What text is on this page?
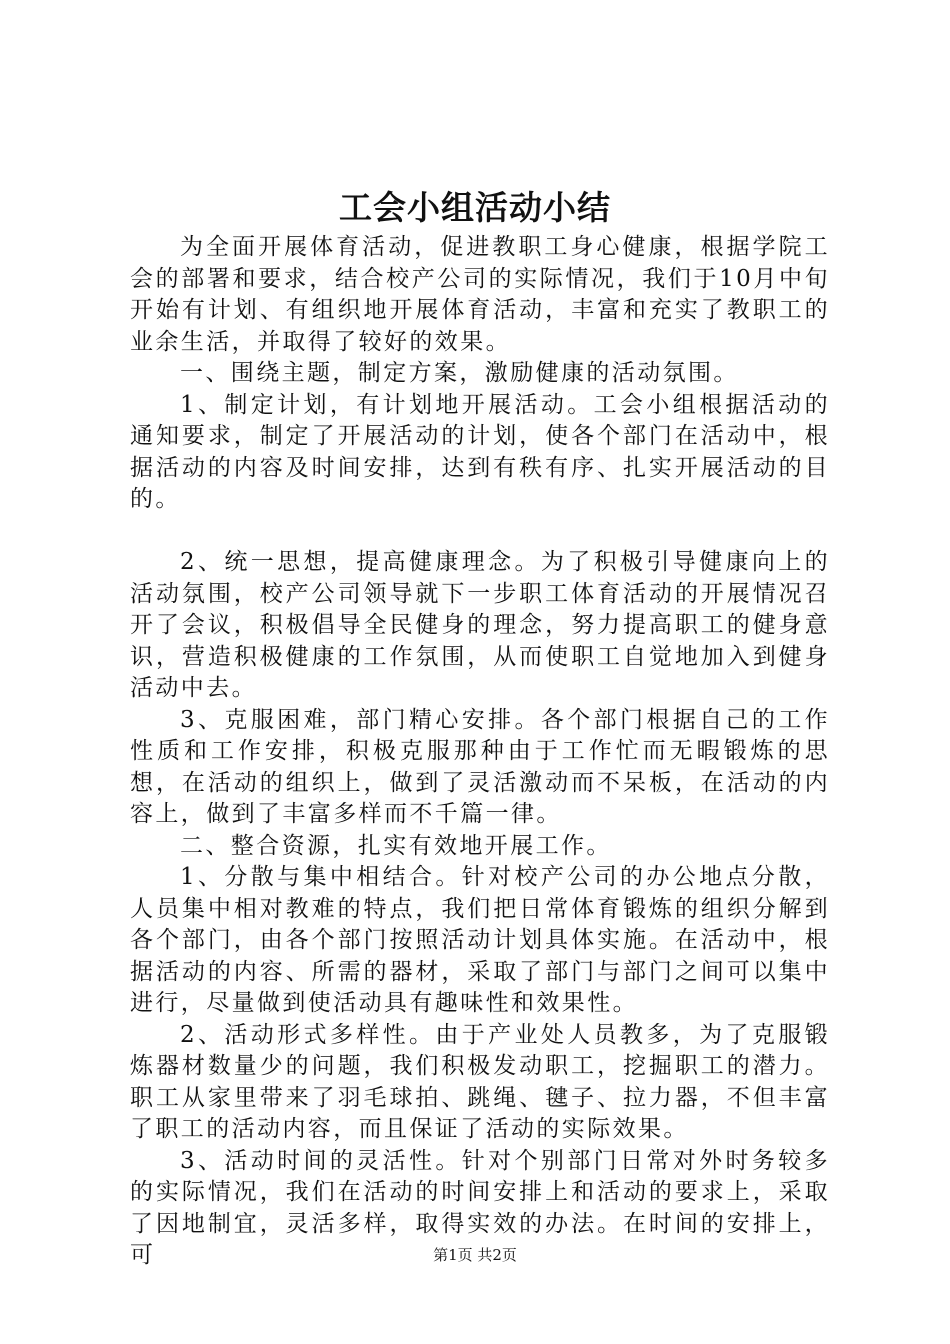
工会小组活动小结

为全面开展体育活动，促进教职工身心健康，根据学院工会的部署和要求，结合校产公司的实际情况，我们于10月中旬开始有计划、有组织地开展体育活动，丰富和充实了教职工的业余生活，并取得了较好的效果。

一、围绕主题，制定方案，激励健康的活动氛围。

1、制定计划，有计划地开展活动。工会小组根据活动的通知要求，制定了开展活动的计划，使各个部门在活动中，根据活动的内容及时间安排，达到有秩有序、扎实开展活动的目的。

2、统一思想，提高健康理念。为了积极引导健康向上的活动氛围，校产公司领导就下一步职工体育活动的开展情况召开了会议，积极倡导全民健身的理念，努力提高职工的健身意识，营造积极健康的工作氛围，从而使职工自觉地加入到健身活动中去。

3、克服困难，部门精心安排。各个部门根据自己的工作性质和工作安排，积极克服那种由于工作忙而无暇锻炼的思想，在活动的组织上，做到了灵活激动而不呆板，在活动的内容上，做到了丰富多样而不千篇一律。

二、整合资源，扎实有效地开展工作。

1、分散与集中相结合。针对校产公司的办公地点分散，人员集中相对教难的特点，我们把日常体育锻炼的组织分解到各个部门，由各个部门按照活动计划具体实施。在活动中，根据活动的内容、所需的器材，采取了部门与部门之间可以集中进行，尽量做到使活动具有趣味性和效果性。

2、活动形式多样性。由于产业处人员教多，为了克服锻炼器材数量少的问题，我们积极发动职工，挖掘职工的潜力。职工从家里带来了羽毛球拍、跳绳、毽子、拉力器，不但丰富了职工的活动内容，而且保证了活动的实际效果。

3、活动时间的灵活性。针对个别部门日常对外时务较多的实际情况，我们在活动的时间安排上和活动的要求上，采取了因地制宜，灵活多样，取得实效的办法。在时间的安排上，可	第1页 共2页
